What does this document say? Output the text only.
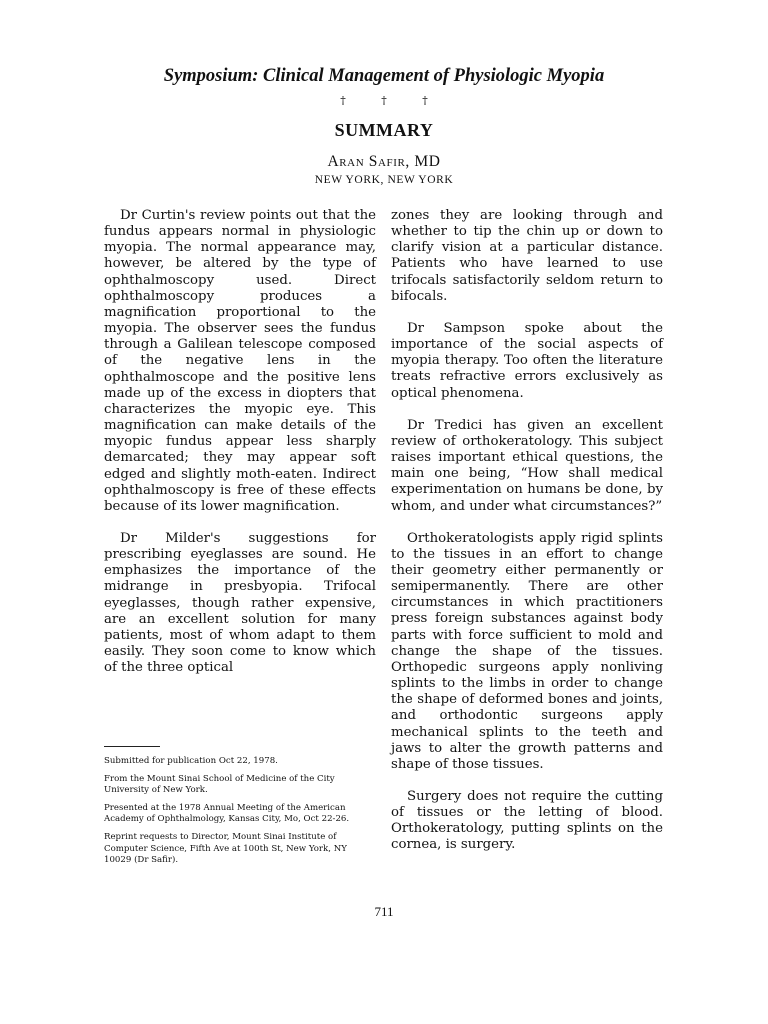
Symposium: Clinical Management of Physiologic Myopia
† † †
SUMMARY
Aran Safir, MD
NEW YORK, NEW YORK

Dr Curtin's review points out that the fundus appears normal in physiologic myopia. The normal appearance may, however, be altered by the type of ophthalmoscopy used. Direct ophthalmoscopy produces a magnification proportional to the myopia. The observer sees the fundus through a Galilean telescope composed of the negative lens in the ophthalmoscope and the positive lens made up of the excess in diopters that characterizes the myopic eye. This magnification can make details of the myopic fundus appear less sharply demarcated; they may appear soft edged and slightly moth-eaten. Indirect ophthalmoscopy is free of these effects because of its lower magnification.

Dr Milder's suggestions for prescribing eyeglasses are sound. He emphasizes the importance of the midrange in presbyopia. Trifocal eyeglasses, though rather expensive, are an excellent solution for many patients, most of whom adapt to them easily. They soon come to know which of the three optical

zones they are looking through and whether to tip the chin up or down to clarify vision at a particular distance. Patients who have learned to use trifocals satisfactorily seldom return to bifocals.

Dr Sampson spoke about the importance of the social aspects of myopia therapy. Too often the literature treats refractive errors exclusively as optical phenomena.

Dr Tredici has given an excellent review of orthokeratology. This subject raises important ethical questions, the main one being, “How shall medical experimentation on humans be done, by whom, and under what circumstances?”

Orthokeratologists apply rigid splints to the tissues in an effort to change their geometry either permanently or semipermanently. There are other circumstances in which practitioners press foreign substances against body parts with force sufficient to mold and change the shape of the tissues. Orthopedic surgeons apply nonliving splints to the limbs in order to change the shape of deformed bones and joints, and orthodontic surgeons apply mechanical splints to the teeth and jaws to alter the growth patterns and shape of those tissues.

Surgery does not require the cutting of tissues or the letting of blood. Orthokeratology, putting splints on the cornea, is surgery.

Submitted for publication Oct 22, 1978.

From the Mount Sinai School of Medicine of the City University of New York.

Presented at the 1978 Annual Meeting of the American Academy of Ophthalmology, Kansas City, Mo, Oct 22-26.

Reprint requests to Director, Mount Sinai Institute of Computer Science, Fifth Ave at 100th St, New York, NY 10029 (Dr Safir).

711
